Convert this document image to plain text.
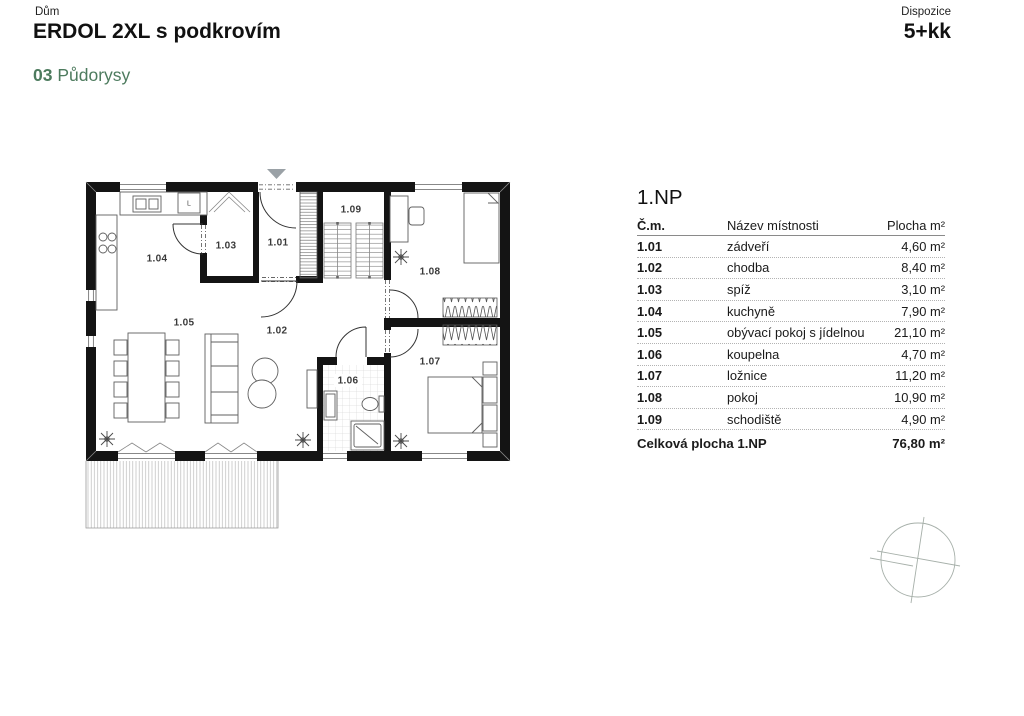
Dům
ERDOL 2XL s podkrovím
03 Půdorysy
Dispozice
5+kk
1.01
1.02
1.03
1.04
1.05
1.06
1.07
1.08
1.09
L	1.NP
Č.m.	Název místnosti	Plocha m²
1.01	zádveří	4,60 m²
1.02	chodba	8,40 m²
1.03	spíž	3,10 m²
1.04	kuchyně	7,90 m²
1.05	obývací pokoj s jídelnou	21,10 m²
1.06	koupelna	4,70 m²
1.07	ložnice	11,20 m²
1.08	pokoj	10,90 m²
1.09	schodiště	4,90 m²
Celková plocha 1.NP	76,80 m²
